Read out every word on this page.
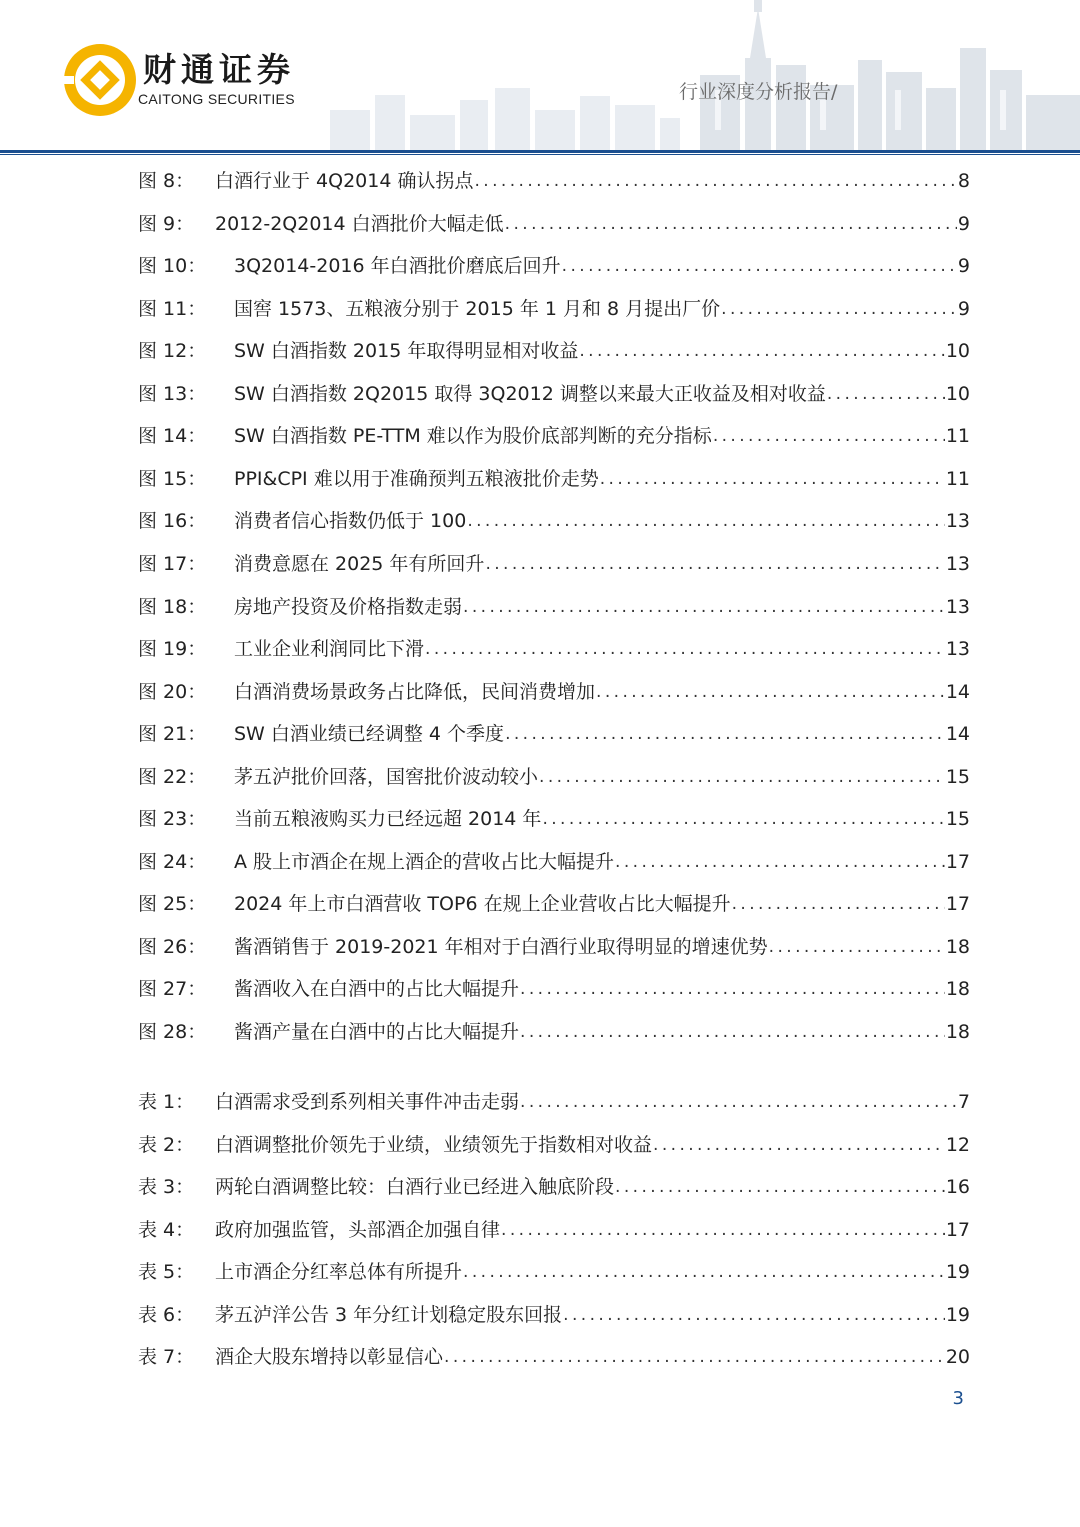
财通证券
CAITONG SECURITIES	行业深度分析报告/
图 8：	白酒行业于 4Q2014 确认拐点 . . .	8
图 9：	2012-2Q2014 白酒批价大幅走低 . . .	9
图 10：	3Q2014-2016 年白酒批价磨底后回升 . . .	9
图 11：	国窖 1573、五粮液分别于 2015 年 1 月和 8 月提出厂价 . . .	9
图 12：	SW 白酒指数 2015 年取得明显相对收益 . . .	10
图 13：	SW 白酒指数 2Q2015 取得 3Q2012 调整以来最大正收益及相对收益 . . .	10
图 14：	SW 白酒指数 PE-TTM 难以作为股价底部判断的充分指标 . . .	11
图 15：	PPI&CPI 难以用于准确预判五粮液批价走势 . . .	11
图 16：	消费者信心指数仍低于 100 . . .	13
图 17：	消费意愿在 2025 年有所回升 . . .	13
图 18：	房地产投资及价格指数走弱 . . .	13
图 19：	工业企业利润同比下滑 . . .	13
图 20：	白酒消费场景政务占比降低，民间消费增加 . . .	14
图 21：	SW 白酒业绩已经调整 4 个季度 . . .	14
图 22：	茅五泸批价回落，国窖批价波动较小 . . .	15
图 23：	当前五粮液购买力已经远超 2014 年 . . .	15
图 24：	A 股上市酒企在规上酒企的营收占比大幅提升 . . .	17
图 25：	2024 年上市白酒营收 TOP6 在规上企业营收占比大幅提升 . . .	17
图 26：	酱酒销售于 2019-2021 年相对于白酒行业取得明显的增速优势 . . .	18
图 27：	酱酒收入在白酒中的占比大幅提升 . . .	18
图 28：	酱酒产量在白酒中的占比大幅提升 . . .	18
表 1：	白酒需求受到系列相关事件冲击走弱 . . .	7
表 2：	白酒调整批价领先于业绩，业绩领先于指数相对收益 . . .	12
表 3：	两轮白酒调整比较：白酒行业已经进入触底阶段 . . .	16
表 4：	政府加强监管，头部酒企加强自律 . . .	17
表 5：	上市酒企分红率总体有所提升 . . .	19
表 6：	茅五泸洋公告 3 年分红计划稳定股东回报 . . .	19
表 7：	酒企大股东增持以彰显信心 . . .	20
3
